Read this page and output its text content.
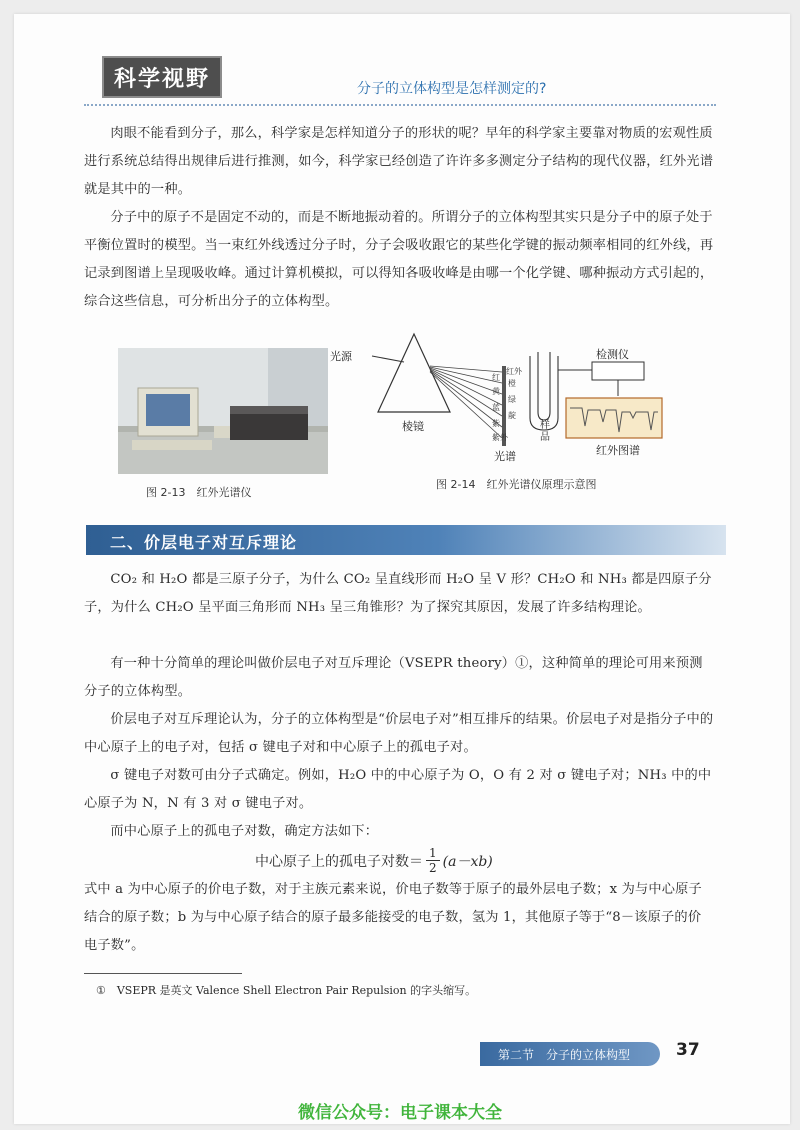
科学视野	分子的立体构型是怎样测定的?

肉眼不能看到分子，那么，科学家是怎样知道分子的形状的呢？早年的科学家主要靠对物质的宏观性质进行系统总结得出规律后进行推测，如今，科学家已经创造了许许多多测定分子结构的现代仪器，红外光谱就是其中的一种。

分子中的原子不是固定不动的，而是不断地振动着的。所谓分子的立体构型其实只是分子中的原子处于平衡位置时的模型。当一束红外线透过分子时，分子会吸收跟它的某些化学键的振动频率相同的红外线，再记录到图谱上呈现吸收峰。通过计算机模拟，可以得知各吸收峰是由哪一个化学键、哪种振动方式引起的，综合这些信息，可分析出分子的立体构型。

图 2-13　红外光谱仪
光源
棱镜
红外
红
橙
黄
绿
蓝
靛
紫
紫外
光谱
样品
检测仪
红外图谱
图 2-14　红外光谱仪原理示意图
二、价层电子对互斥理论

CO₂ 和 H₂O 都是三原子分子，为什么 CO₂ 呈直线形而 H₂O 呈 V 形？CH₂O 和 NH₃ 都是四原子分子，为什么 CH₂O 呈平面三角形而 NH₃ 呈三角锥形？为了探究其原因，发展了许多结构理论。

有一种十分简单的理论叫做价层电子对互斥理论（VSEPR theory）①，这种简单的理论可用来预测分子的立体构型。

价层电子对互斥理论认为，分子的立体构型是“价层电子对”相互排斥的结果。价层电子对是指分子中的中心原子上的电子对，包括 σ 键电子对和中心原子上的孤电子对。

σ 键电子对数可由分子式确定。例如，H₂O 中的中心原子为 O，O 有 2 对 σ 键电子对；NH₃ 中的中心原子为 N，N 有 3 对 σ 键电子对。

而中心原子上的孤电子对数，确定方法如下：

中心原子上的孤电子对数＝ $\frac{1}{2} (a-xb)$

式中 a 为中心原子的价电子数，对于主族元素来说，价电子数等于原子的最外层电子数；x 为与中心原子结合的原子数；b 为与中心原子结合的原子最多能接受的电子数，氢为 1，其他原子等于“8－该原子的价电子数”。

①　VSEPR 是英文 Valence Shell Electron Pair Repulsion 的字头缩写。
第二节　分子的立体构型	37
微信公众号：电子课本大全
